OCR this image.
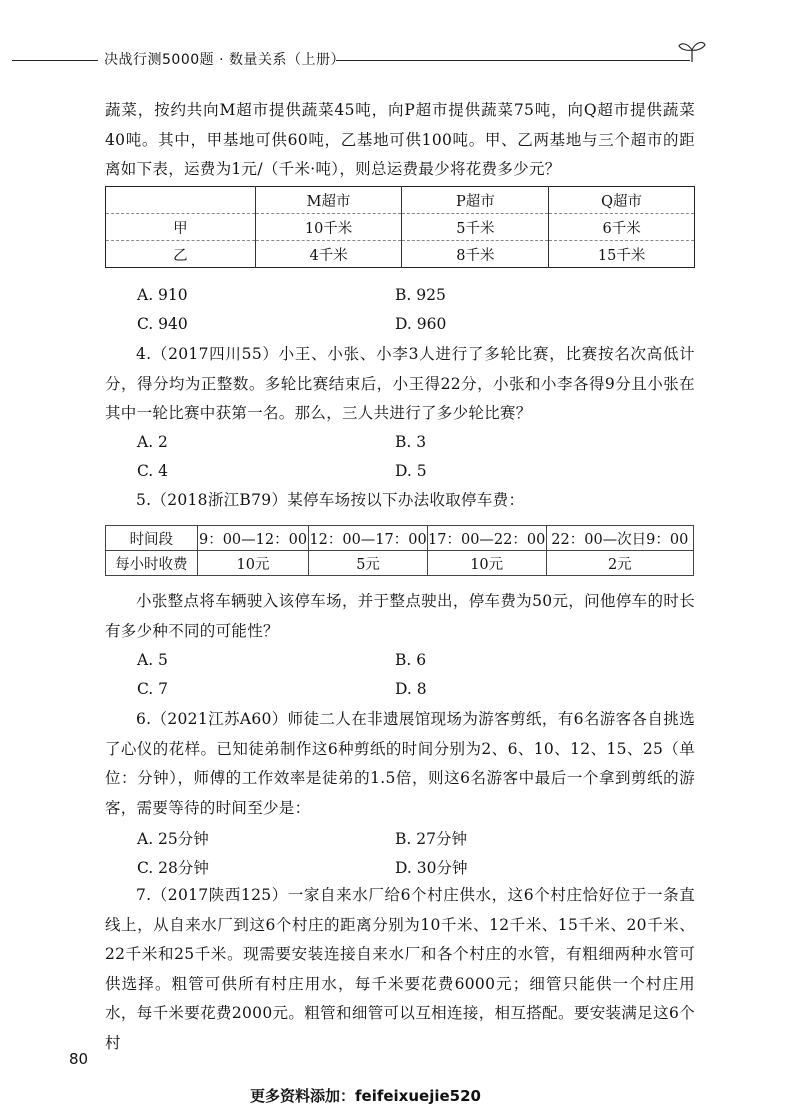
决战行测5000题 · 数量关系（上册）
蔬菜，按约共向M超市提供蔬菜45吨，向P超市提供蔬菜75吨，向Q超市提供蔬菜40吨。其中，甲基地可供60吨，乙基地可供100吨。甲、乙两基地与三个超市的距离如下表，运费为1元/（千米·吨），则总运费最少将花费多少元？
	M超市	P超市	Q超市
甲	10千米	5千米	6千米
乙	4千米	8千米	15千米
A. 910	B. 925
C. 940	D. 960
4.（2017四川55）小王、小张、小李3人进行了多轮比赛，比赛按名次高低计分，得分均为正整数。多轮比赛结束后，小王得22分，小张和小李各得9分且小张在其中一轮比赛中获第一名。那么，三人共进行了多少轮比赛？
A. 2	B. 3
C. 4	D. 5
5.（2018浙江B79）某停车场按以下办法收取停车费：
时间段	9：00—12：00	12：00—17：00	17：00—22：00	22：00—次日9：00
每小时收费	10元	5元	10元	2元
小张整点将车辆驶入该停车场，并于整点驶出，停车费为50元，问他停车的时长有多少种不同的可能性？
A. 5	B. 6
C. 7	D. 8
6.（2021江苏A60）师徒二人在非遗展馆现场为游客剪纸，有6名游客各自挑选了心仪的花样。已知徒弟制作这6种剪纸的时间分别为2、6、10、12、15、25（单位：分钟），师傅的工作效率是徒弟的1.5倍，则这6名游客中最后一个拿到剪纸的游客，需要等待的时间至少是：
A. 25分钟	B. 27分钟
C. 28分钟	D. 30分钟
7.（2017陕西125）一家自来水厂给6个村庄供水，这6个村庄恰好位于一条直线上，从自来水厂到这6个村庄的距离分别为10千米、12千米、15千米、20千米、22千米和25千米。现需要安装连接自来水厂和各个村庄的水管，有粗细两种水管可供选择。粗管可供所有村庄用水，每千米要花费6000元；细管只能供一个村庄用水，每千米要花费2000元。粗管和细管可以互相连接，相互搭配。要安装满足这6个村
80
更多资料添加：feifeixuejie520
